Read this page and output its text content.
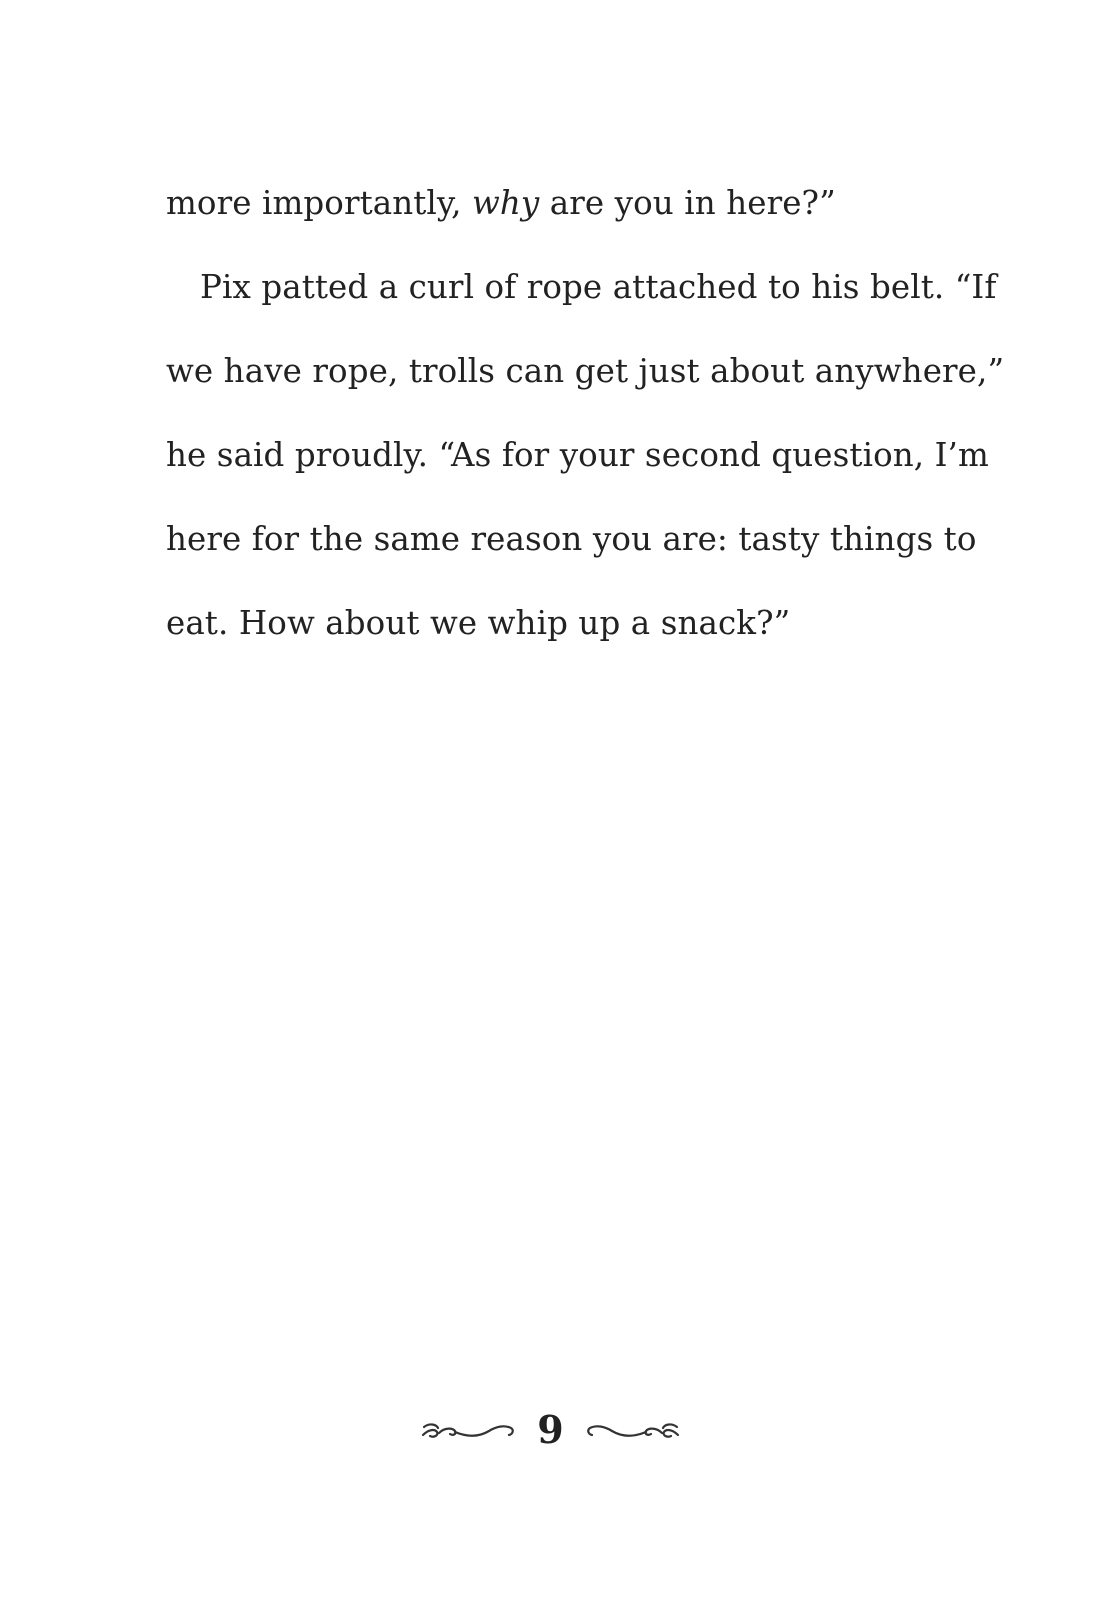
more importantly, why are you in here?”
Pix patted a curl of rope attached to his belt. “If
we have rope, trolls can get just about anywhere,”
he said proudly. “As for your second question, I’m
here for the same reason you are: tasty things to
eat. How about we whip up a snack?”
9
